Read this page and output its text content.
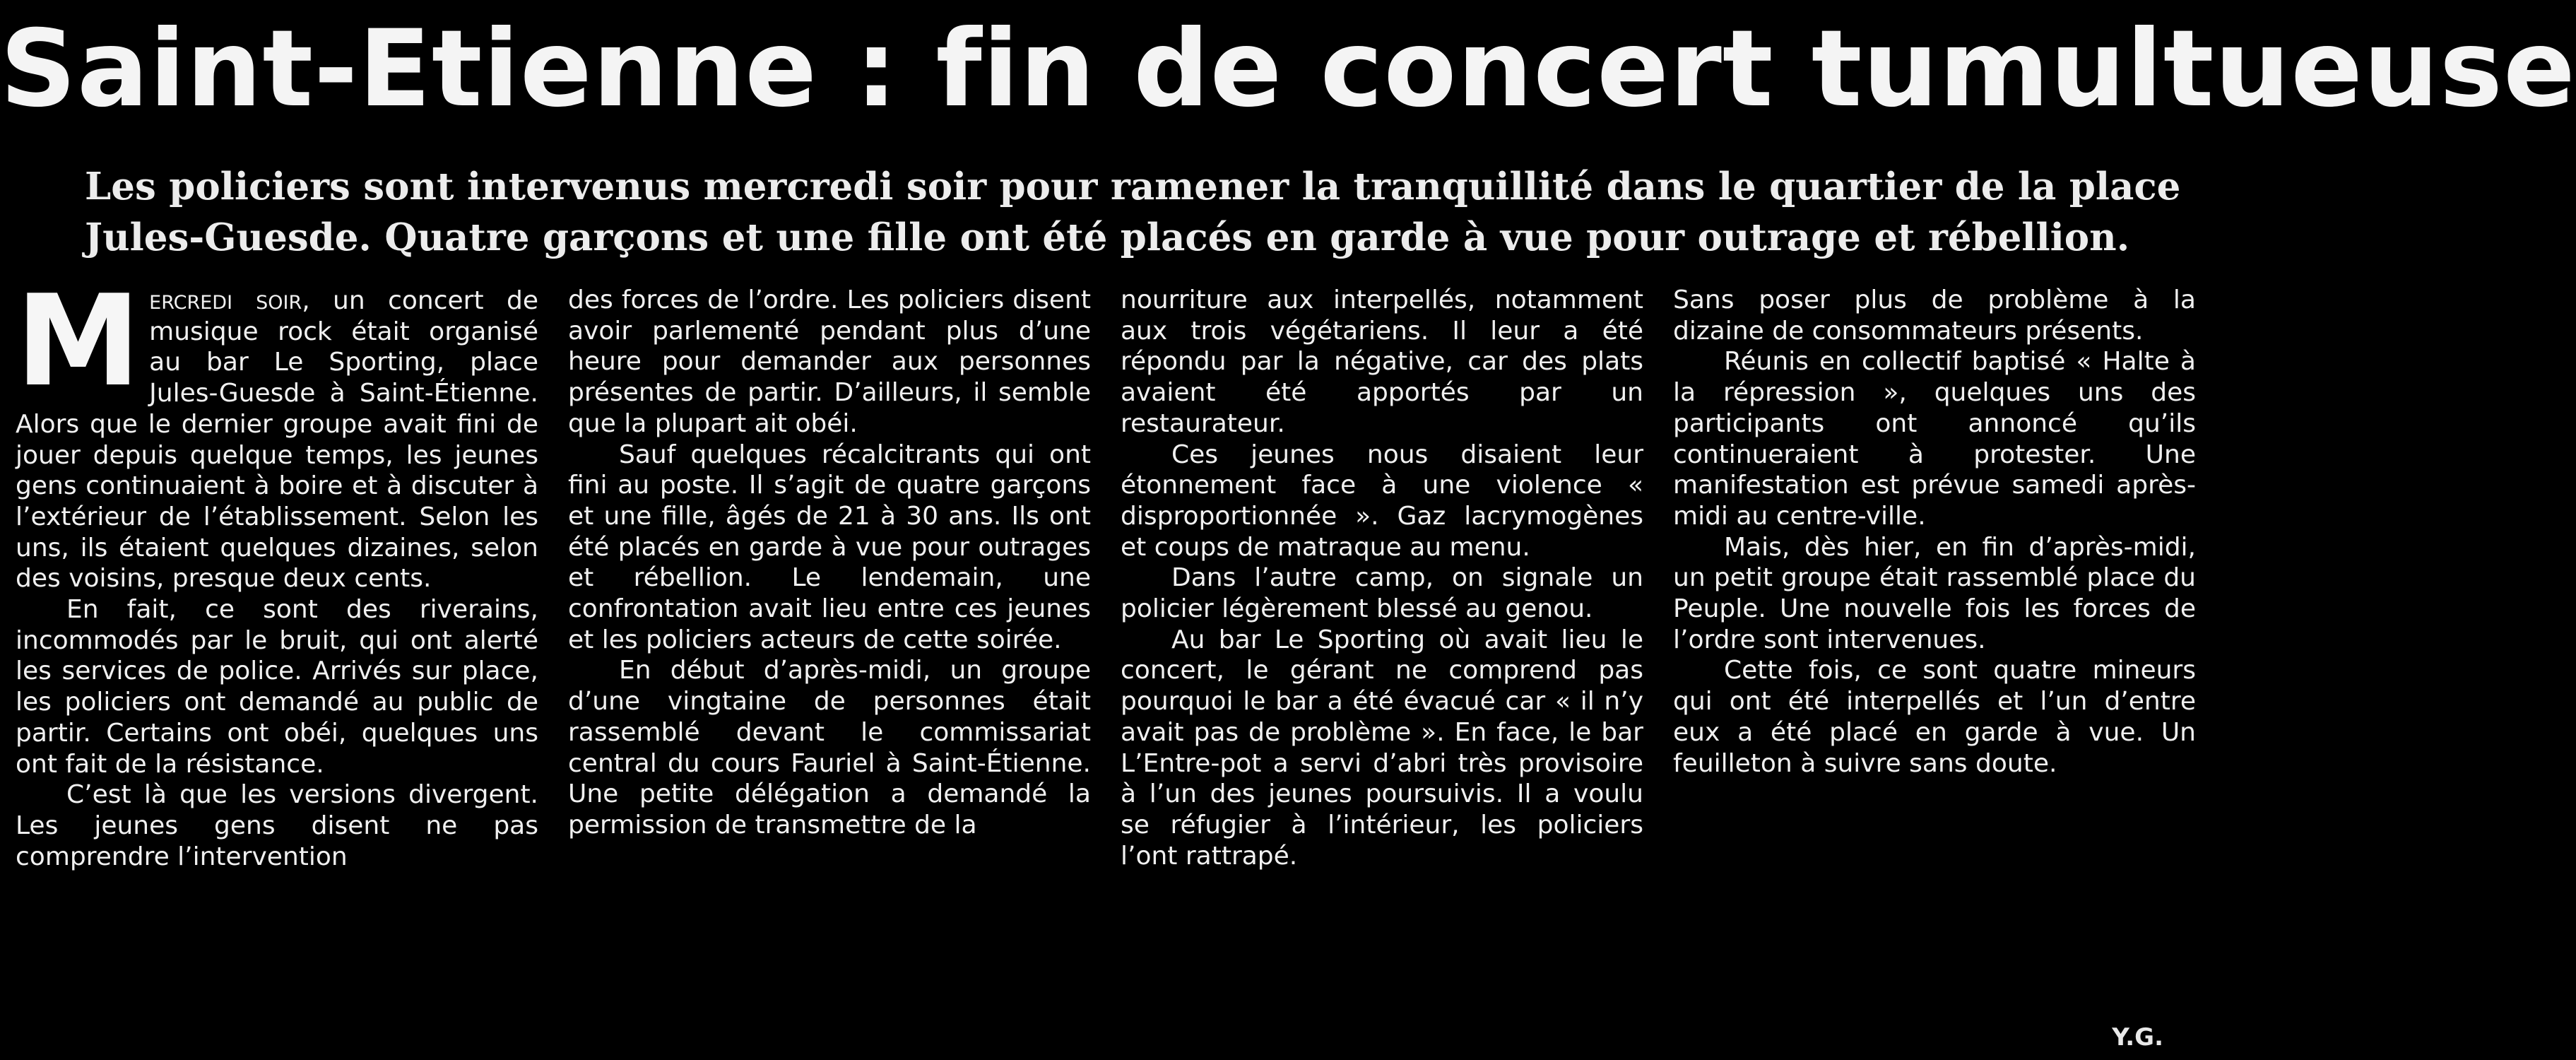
Saint-Etienne : fin de concert tumultueuse
Les policiers sont intervenus mercredi soir pour ramener la tranquillité dans le quartier de la place
Jules-Guesde. Quatre garçons et une fille ont été placés en garde à vue pour outrage et rébellion.

Mercredi soir, un concert de musique rock était organisé au bar Le Sporting, place Jules-Guesde à Saint-Étienne. Alors que le dernier groupe avait fini de jouer depuis quelque temps, les jeunes gens continuaient à boire et à discuter à l’extérieur de l’établissement. Selon les uns, ils étaient quelques dizaines, selon des voisins, presque deux cents.

En fait, ce sont des riverains, incommodés par le bruit, qui ont alerté les services de police. Arrivés sur place, les policiers ont demandé au public de partir. Certains ont obéi, quelques uns ont fait de la résistance.

C’est là que les versions divergent. Les jeunes gens disent ne pas comprendre l’intervention

des forces de l’ordre. Les policiers disent avoir parlementé pendant plus d’une heure pour demander aux personnes présentes de partir. D’ailleurs, il semble que la plupart ait obéi.

Sauf quelques récalcitrants qui ont fini au poste. Il s’agit de quatre garçons et une fille, âgés de 21 à 30 ans. Ils ont été placés en garde à vue pour outrages et rébellion. Le lendemain, une confrontation avait lieu entre ces jeunes et les policiers acteurs de cette soirée.

En début d’après-midi, un groupe d’une vingtaine de personnes était rassemblé devant le commissariat central du cours Fauriel à Saint-Étienne. Une petite délégation a demandé la permission de transmettre de la

nourriture aux interpellés, notamment aux trois végétariens. Il leur a été répondu par la négative, car des plats avaient été apportés par un restaurateur.

Ces jeunes nous disaient leur étonnement face à une violence « disproportionnée ». Gaz lacrymogènes et coups de matraque au menu.

Dans l’autre camp, on signale un policier légèrement blessé au genou.

Au bar Le Sporting où avait lieu le concert, le gérant ne comprend pas pourquoi le bar a été évacué car « il n’y avait pas de problème ». En face, le bar L’Entre-pot a servi d’abri très provisoire à l’un des jeunes poursuivis. Il a voulu se réfugier à l’intérieur, les policiers l’ont rattrapé.

Sans poser plus de problème à la dizaine de consommateurs présents.

Réunis en collectif baptisé « Halte à la répression », quelques uns des participants ont annoncé qu’ils continueraient à protester. Une manifestation est prévue samedi après-midi au centre-ville.

Mais, dès hier, en fin d’après-midi, un petit groupe était rassemblé place du Peuple. Une nouvelle fois les forces de l’ordre sont intervenues.

Cette fois, ce sont quatre mineurs qui ont été interpellés et l’un d’entre eux a été placé en garde à vue. Un feuilleton à suivre sans doute.

Y.G.
